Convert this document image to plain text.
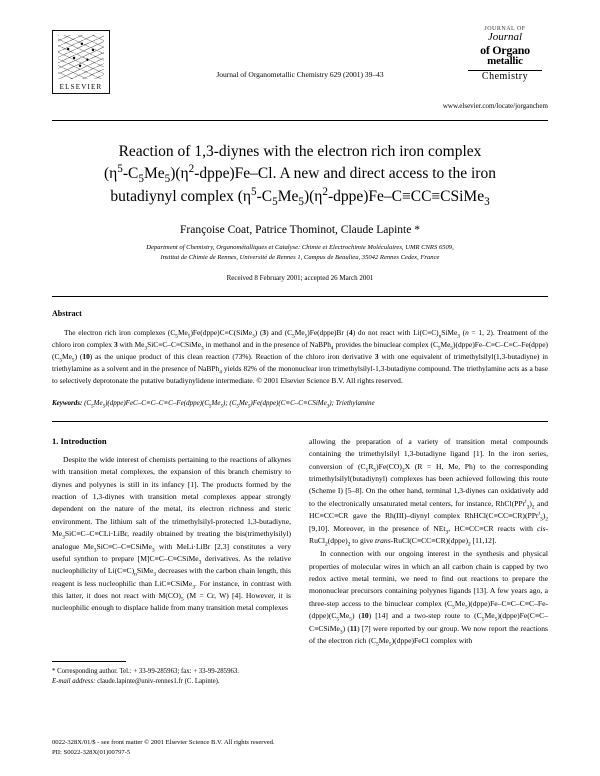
ELSEVIER
JOURNAL OF
Journal
of Organo
metallic
Chemistry
Journal of Organometallic Chemistry 629 (2001) 39–43
www.elsevier.com/locate/jorganchem
Reaction of 1,3-diynes with the electron rich iron complex
$(\eta^5-C_5Me_5)(\eta^2-dppe)Fe-Cl$. A new and direct access to the iron
butadiynyl complex $(\eta^5-C_5Me_5)(\eta^2-dppe)Fe-C\equiv CC\equiv CSiMe_3$
Françoise Coat, Patrice Thominot, Claude Lapinte *
Department of Chemistry, Organométalliques et Catalyse: Chimie et Electrochimie Moléculaires, UMR CNRS 6509,
Institut de Chimie de Rennes, Université de Rennes 1, Campus de Beaulieu, 35042 Rennes Cedex, France
Received 8 February 2001; accepted 26 March 2001
Abstract
The electron rich iron complexes $(C_5Me_5)Fe(dppe)C\equiv C(SiMe_3)$ (3) and $(C_5Me_5)Fe(dppe)Br$ (4) do not react with $Li(C\equiv C)_nSiMe_3$ (n = 1, 2). Treatment of the chloro iron complex 3 with $Me_3SiC\equiv C-C\equiv CSiMe_3$ in methanol and in the presence of NaBPh$_4$ provides the binuclear complex $(C_5Me_5)(dppe)Fe-C\equiv C-C\equiv C-Fe(dppe)(C_5Me_5)$ (10) as the unique product of this clean reaction (73%). Reaction of the chloro iron derivative 3 with one equivalent of trimethylsilyl(1,3-butadiyne) in triethylamine as a solvent and in the presence of NaBPh$_4$ yields 82% of the mononuclear iron trimethylsilyl-1,3-butadiyne compound. The triethylamine acts as a base to selectively deprotonate the putative butadiynylidene intermediate. © 2001 Elsevier Science B.V. All rights reserved.
Keywords: $(C_5Me_5)(dppe)FeC-C\equiv C-C\equiv C-Fe(dppe)(C_5Me_5)$; $(C_5Me_5)Fe(dppe)(C\equiv C-C\equiv CSiMe_3)$; Triethylamine
1. Introduction

Despite the wide interest of chemists pertaining to the reactions of alkynes with transition metal complexes, the expansion of this branch chemistry to diynes and polyynes is still in its infancy [1]. The products formed by the reaction of 1,3-diynes with transition metal complexes appear strongly dependent on the nature of the metal, its electron richness and steric environment. The lithium salt of the trimethylsilyl-protected 1,3-butadiyne, $Me_3SiC\equiv C-C\equiv CLi\cdot LiBr$, readily obtained by treating the bis(trimethylsilyl) analogue $Me_3SiC\equiv C-C\equiv CSiMe_3$ with MeLi·LiBr [2,3] constitutes a very useful synthon to prepare [M]C≡C–C≡CSiMe$_3$ derivatives. As the relative nucleophilicity of $Li(C\equiv C)_nSiMe_3$ decreases with the carbon chain length, this reagent is less nucleophilic than LiC≡CSiMe$_3$. For instance, in contrast with this latter, it does not react with $M(CO)_5$ (M = Cr, W) [4]. However, it is nucleophilic enough to displace halide from many transition metal complexes

* Corresponding author. Tel.: + 33-99-285963; fax: + 33-99-285963.
E-mail address: claude.lapinte@univ-rennes1.fr (C. Lapinte).

allowing the preparation of a variety of transition metal compounds containing the trimethylsilyl 1,3-butadiyne ligand [1]. In the iron series, conversion of $(C_5R_5)Fe(CO)_2X$ (R = H, Me, Ph) to the corresponding trimethylsilyl(butadiynyl) complexes has been achieved following this route (Scheme I) [5–8]. On the other hand, terminal 1,3-diynes can oxidatively add to the electronically unsaturated metal centers, for instance, $RhCl(PPr^i_3)_2$ and HC≡CC≡CR gave the Rh(III)–diynyl complex $RhHCl(C\equiv CC\equiv CR)(PPr^i_3)_2$ [9,10]. Moreover, in the presence of NEt$_3$, HC≡CC≡CR reacts with cis-$RuCl_2(dppe)_2$ to give trans-$RuCl(C\equiv CC\equiv CR)(dppe)_2$ [11,12].

In connection with our ongoing interest in the synthesis and physical properties of molecular wires in which an all carbon chain is capped by two redox active metal termini, we need to find out reactions to prepare the mononuclear precursors containing polyynes ligands [13]. A few years ago, a three-step access to the binuclear complex $(C_5Me_5)(dppe)Fe-C\equiv C-C\equiv C-Fe-(dppe)(C_5Me_5)$ (10) [14] and a two-step route to $(C_5Me_5)(dppe)Fe(C\equiv C-C\equiv CSiMe_3)$ (11) [7] were reported by our group. We now report the reactions of the electron rich $(C_5Me_5)(dppe)FeCl$ complex with

0022-328X/01/$ - see front matter © 2001 Elsevier Science B.V. All rights reserved.
PII: S0022-328X(01)00797-5
